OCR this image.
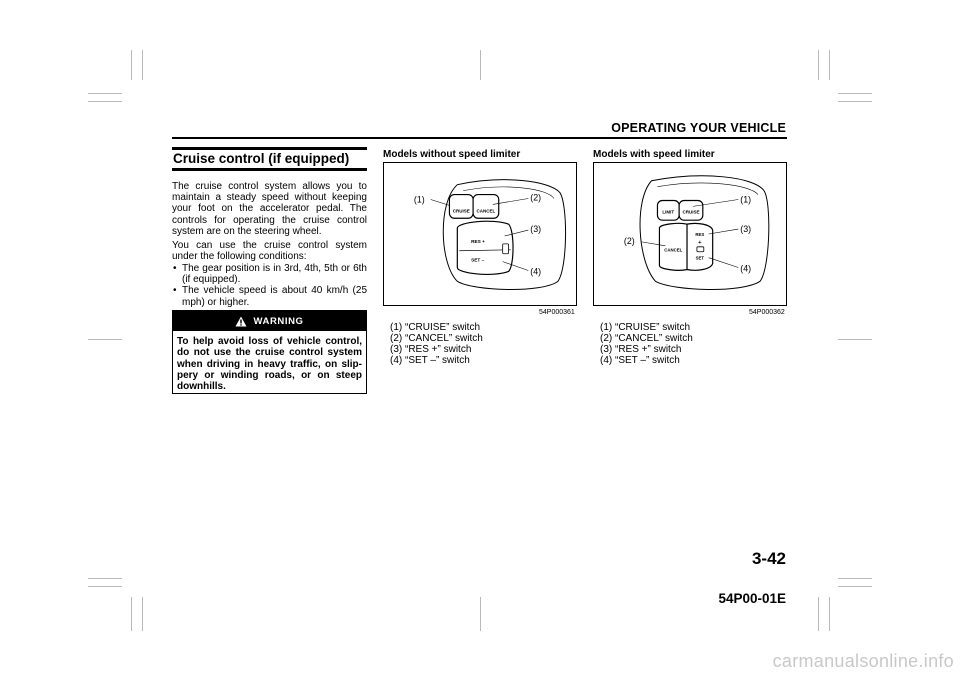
OPERATING YOUR VEHICLE
Cruise control (if equipped)

The cruise control system allows you to maintain a steady speed without keeping your foot on the accelerator pedal. The controls for operating the cruise control system are on the steering wheel.

You can use the cruise control system under the following conditions:

• The gear position is in 3rd, 4th, 5th or 6th (if equipped).
• The vehicle speed is about 40 km/h (25 mph) or higher.
WARNING

To help avoid loss of vehicle control, do not use the cruise control system when driving in heavy traffic, on slip-pery or winding roads, or on steep downhills.

Models without speed limiter
CRUISE CANCEL
RES +
SET –
(1)	(2)
(3)
(4)
54P000361
(1) “CRUISE” switch
(2) “CANCEL” switch
(3) “RES +” switch
(4) “SET –” switch
Models with speed limiter
LIMIT CRUISE
CANCEL
RES
+
SET
(1)
(2)
(3)
(4)
54P000362
(1) “CRUISE” switch
(2) “CANCEL” switch
(3) “RES +” switch
(4) “SET –” switch
3-42
54P00-01E
carmanualsonline.info
